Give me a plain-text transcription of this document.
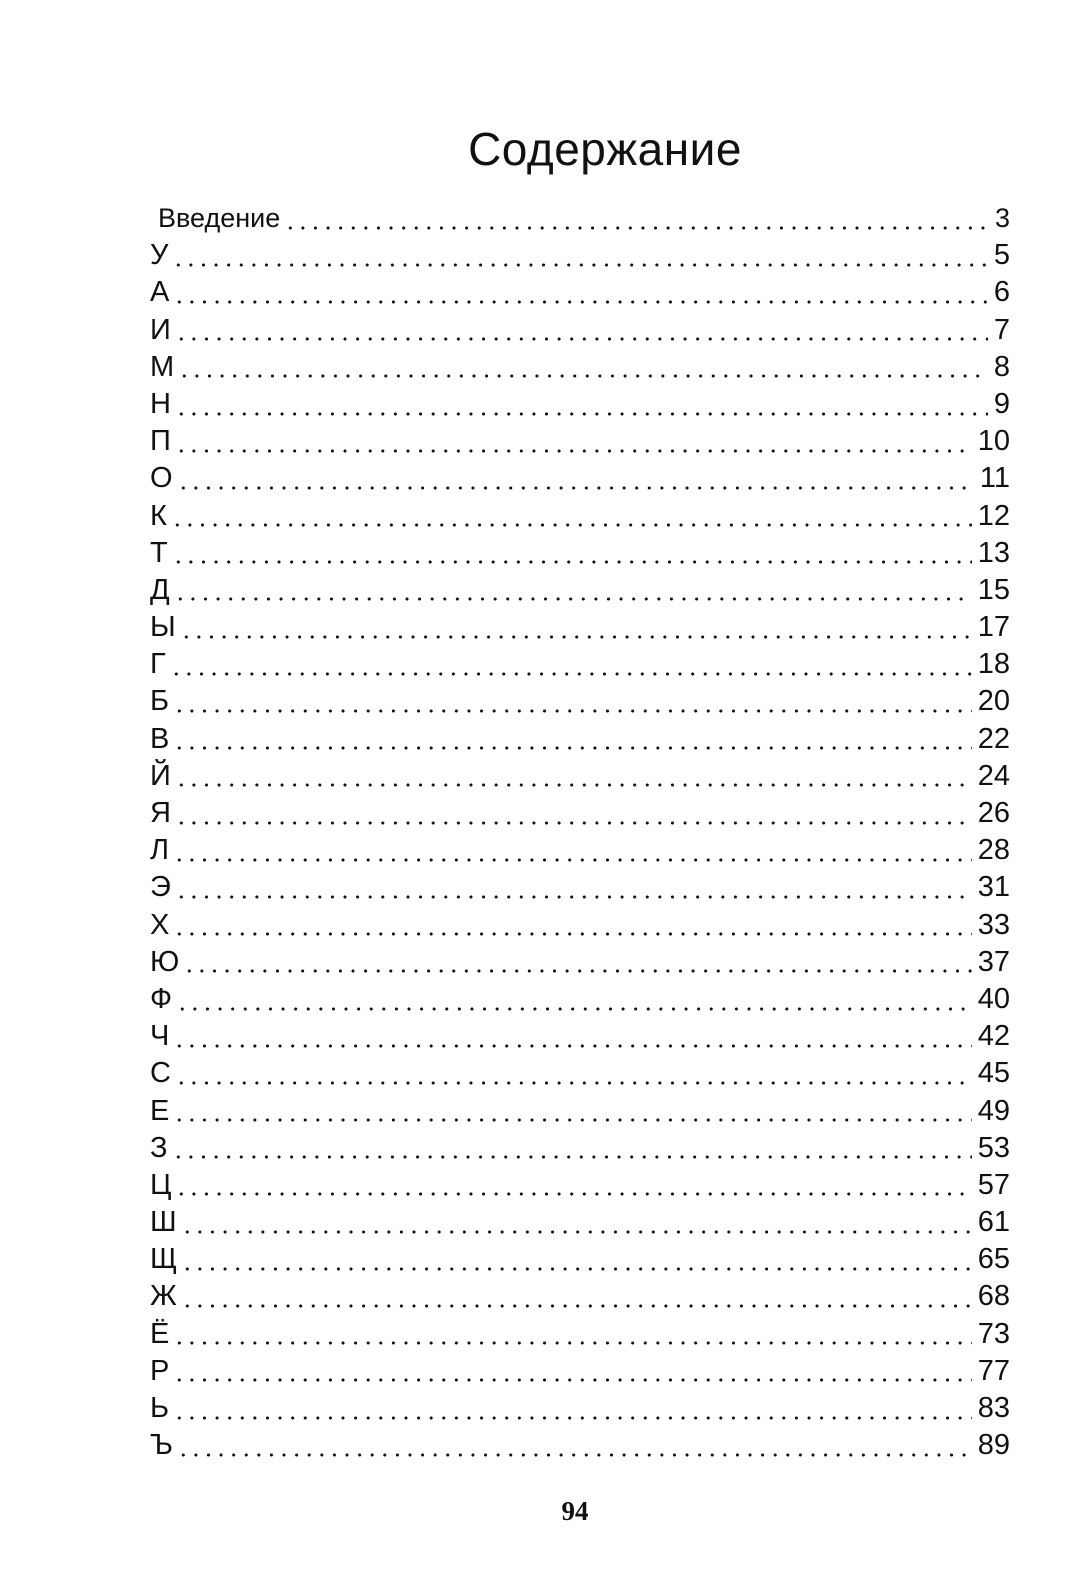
Содержание
Введение	3
У	5
А	6
И	7
М	8
Н	9
П	10
О	11
К	12
Т	13
Д	15
Ы	17
Г	18
Б	20
В	22
Й	24
Я	26
Л	28
Э	31
Х	33
Ю	37
Ф	40
Ч	42
С	45
Е	49
З	53
Ц	57
Ш	61
Щ	65
Ж	68
Ё	73
Р	77
Ь	83
Ъ	89
94
